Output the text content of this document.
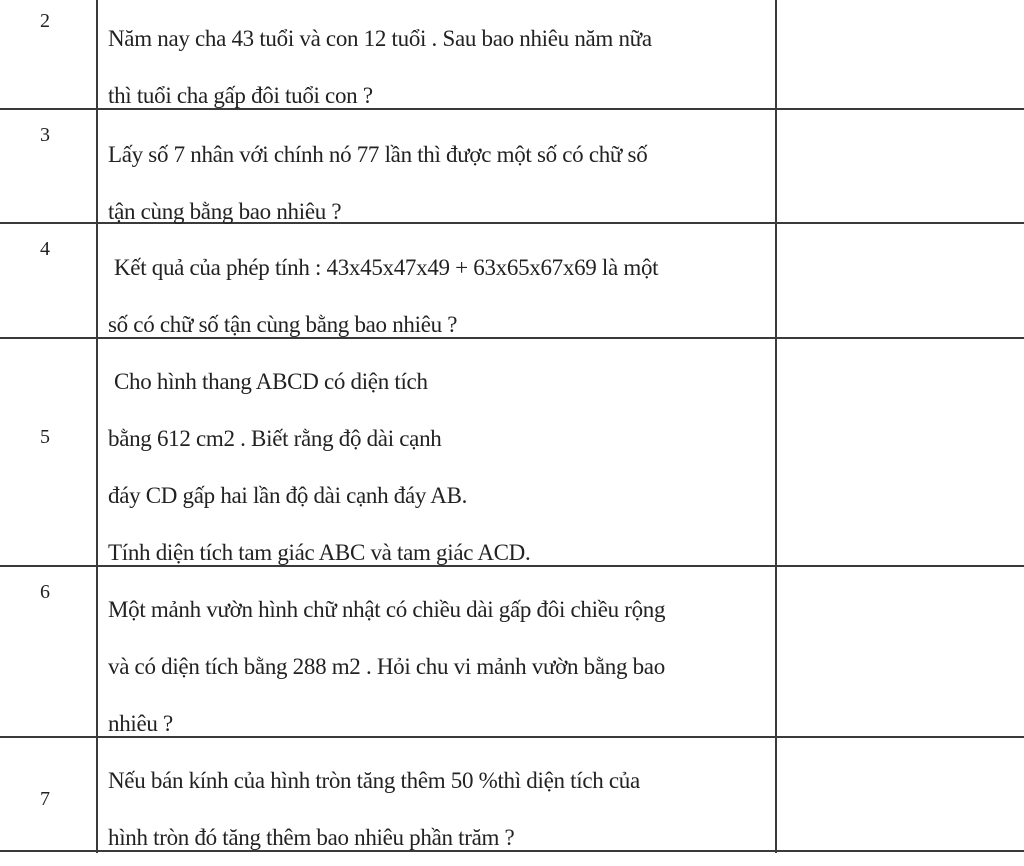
2
Năm nay cha 43 tuổi và con 12 tuổi . Sau bao nhiêu năm nữa
thì tuổi cha gấp đôi tuổi con ?
3
Lấy số 7 nhân với chính nó 77 lần thì được một số có chữ số
tận cùng bằng bao nhiêu ?
4
Kết quả của phép tính : 43x45x47x49 + 63x65x67x69 là một
số có chữ số tận cùng bằng bao nhiêu ?
5
Cho hình thang ABCD có diện tích
bằng 612 cm2 . Biết rằng độ dài cạnh
đáy CD gấp hai lần độ dài cạnh đáy AB.
Tính diện tích tam giác ABC và tam giác ACD.
6
Một mảnh vườn hình chữ nhật có chiều dài gấp đôi chiều rộng
và có diện tích bằng 288 m2 . Hỏi chu vi mảnh vườn bằng bao
nhiêu ?
7
Nếu bán kính của hình tròn tăng thêm 50 %thì diện tích của
hình tròn đó tăng thêm bao nhiêu phần trăm ?
